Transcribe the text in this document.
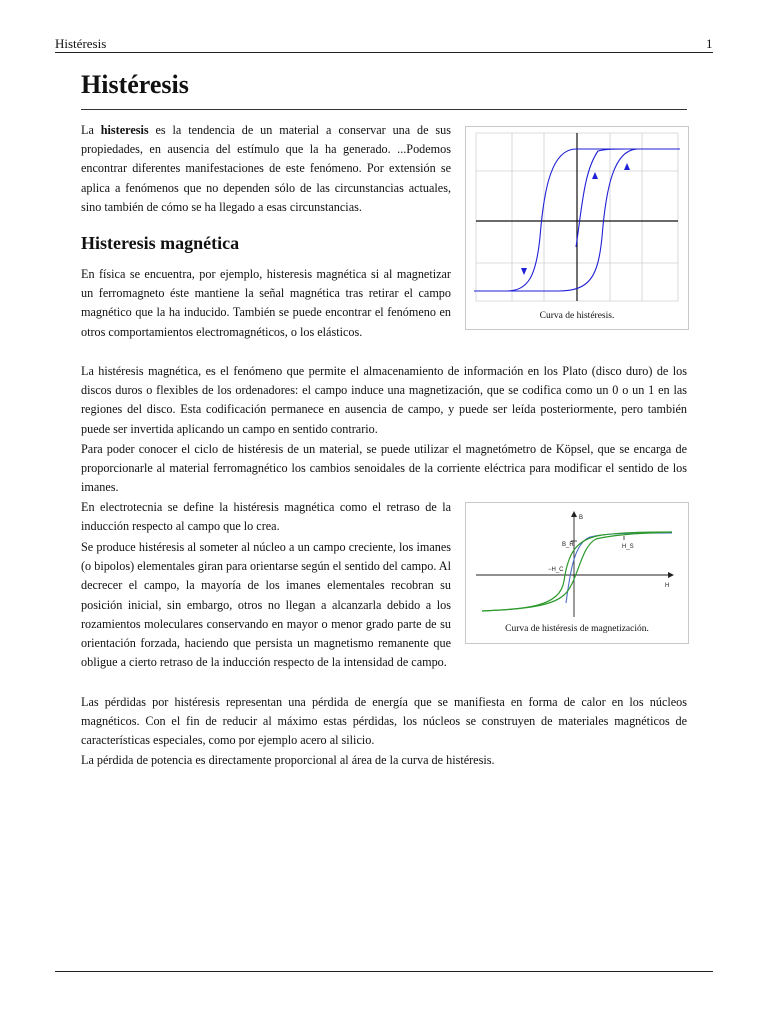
Histéresis	1
Histéresis

La histeresis es la tendencia de un material a conservar una de sus propiedades, en ausencia del estímulo que la ha generado. ...Podemos encontrar diferentes manifestaciones de este fenómeno. Por extensión se aplica a fenómenos que no dependen sólo de las circunstancias actuales, sino también de cómo se ha llegado a esas circunstancias.

Curva de histéresis.
Histeresis magnética

En física se encuentra, por ejemplo, histeresis magnética si al magnetizar un ferromagneto éste mantiene la señal magnética tras retirar el campo magnético que la ha inducido. También se puede encontrar el fenómeno en otros comportamientos electromagnéticos, o los elásticos.

La histéresis magnética, es el fenómeno que permite el almacenamiento de información en los Plato (disco duro) de los discos duros o flexibles de los ordenadores: el campo induce una magnetización, que se codifica como un 0 o un 1 en las regiones del disco. Esta codificación permanece en ausencia de campo, y puede ser leída posteriormente, pero también puede ser invertida aplicando un campo en sentido contrario.

Para poder conocer el ciclo de histéresis de un material, se puede utilizar el magnetómetro de Köpsel, que se encarga de proporcionarle al material ferromagnético los cambios senoidales de la corriente eléctrica para modificar el sentido de los imanes.

En electrotecnia se define la histéresis magnética como el retraso de la inducción respecto al campo que lo crea.

Se produce histéresis al someter al núcleo a un campo creciente, los imanes (o bipolos) elementales giran para orientarse según el sentido del campo. Al decrecer el campo, la mayoría de los imanes elementales recobran su posición inicial, sin embargo, otros no llegan a alcanzarla debido a los rozamientos moleculares conservando en mayor o menor grado parte de su orientación forzada, haciendo que persista un magnetismo remanente que obligue a cierto retraso de la inducción respecto de la intensidad de campo.

B
H
B_R	H_S
−H_C
Curva de histéresis de magnetización.

Las pérdidas por histéresis representan una pérdida de energía que se manifiesta en forma de calor en los núcleos magnéticos. Con el fin de reducir al máximo estas pérdidas, los núcleos se construyen de materiales magnéticos de características especiales, como por ejemplo acero al silicio.

La pérdida de potencia es directamente proporcional al área de la curva de histéresis.
